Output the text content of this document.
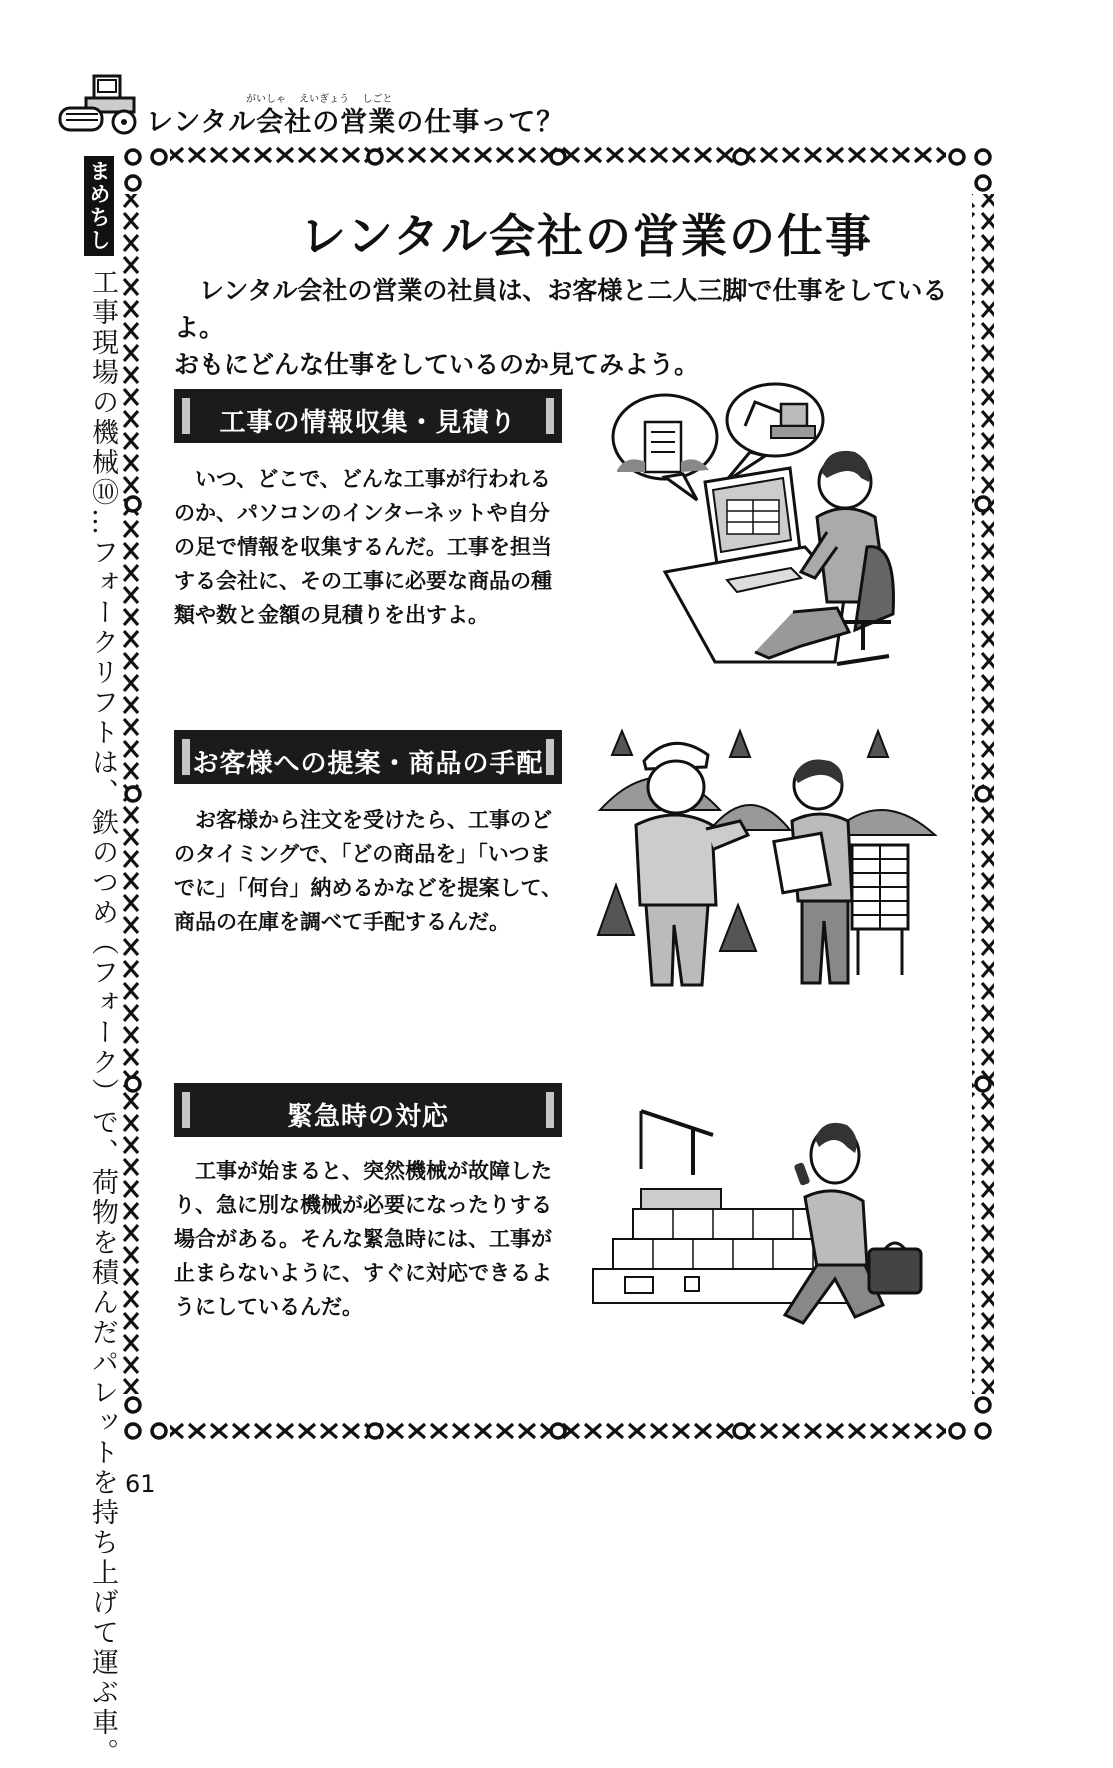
がいしゃ　 えいぎょう　 しごと
レンタル会社の営業の仕事って？
まめちしき
工事現場の機械⑩…フォークリフトは、鉄のつめ（フォーク）で、荷物を積んだパレットを持ち上げて運ぶ車。
レンタル会社の営業の仕事

レンタル会社の営業の社員は、お客様と二人三脚で仕事をしているよ。

おもにどんな仕事をしているのか見てみよう。

工事の情報収集・見積り

いつ、どこで、どんな工事が行われるのか、パソコンのインターネットや自分の足で情報を収集するんだ。工事を担当する会社に、その工事に必要な商品の種類や数と金額の見積りを出すよ。

お客様への提案・商品の手配

お客様から注文を受けたら、工事のどのタイミングで、「どの商品を」「いつまでに」「何台」納めるかなどを提案して、商品の在庫を調べて手配するんだ。

緊急時の対応

工事が始まると、突然機械が故障したり、急に別な機械が必要になったりする場合がある。そんな緊急時には、工事が止まらないように、すぐに対応できるようにしているんだ。

61
